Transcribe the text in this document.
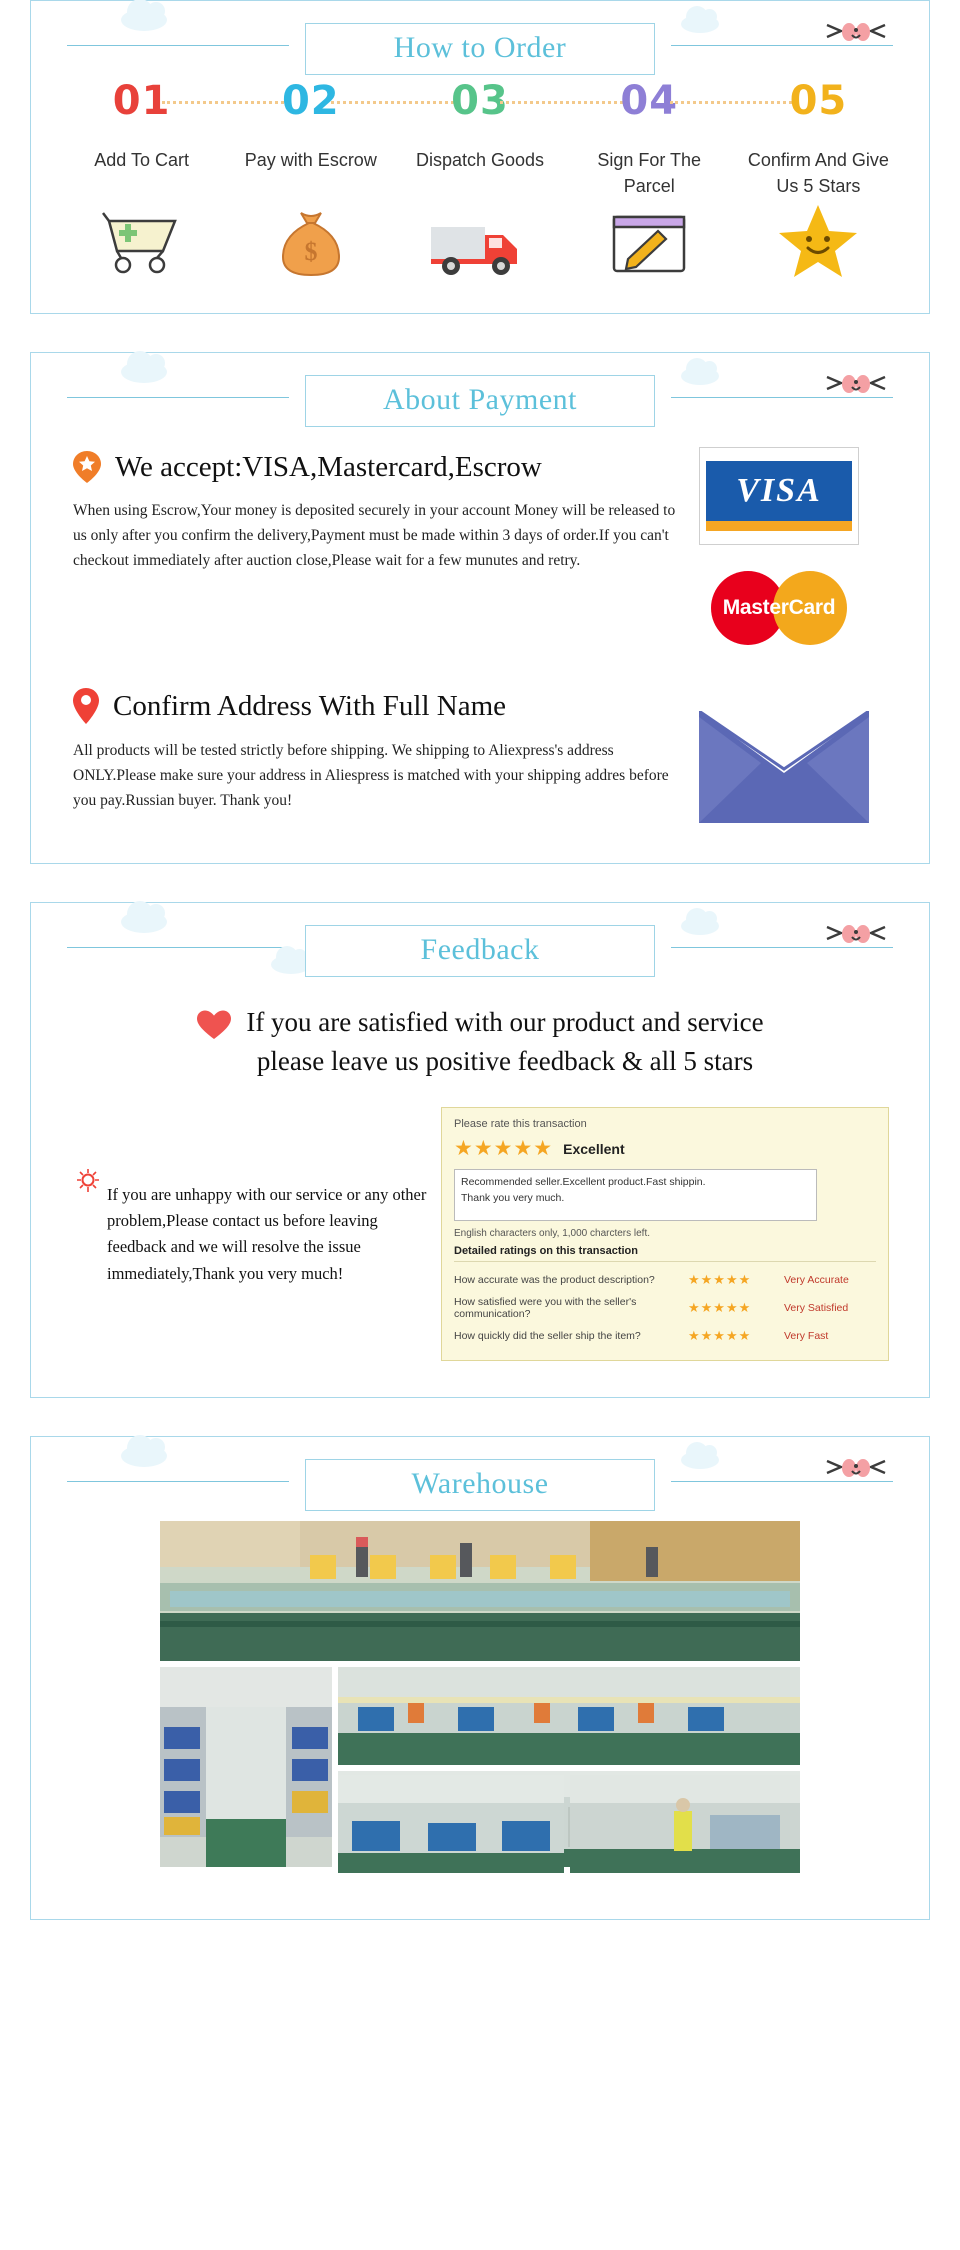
How to Order
01
Add To Cart
02
Pay with Escrow
$
03
Dispatch Goods
04
Sign For The Parcel
05
Confirm And Give Us 5 Stars
About Payment
We accept:VISA,Mastercard,Escrow

When using Escrow,Your money is deposited securely in your account Money will be released to us only after you confirm the delivery,Payment must be made within 3 days of order.If you can't checkout immediately after auction close,Please wait for a few munutes and retry.

VISA
MasterCard
Confirm Address With Full Name

All products will be tested strictly before shipping. We shipping to Aliexpress's address ONLY.Please make sure your address in Aliespress is matched with your shipping addres before you pay.Russian buyer. Thank you!

Feedback
If you are satisfied with our product and service
please leave us positive feedback & all 5 stars

If you are unhappy with our service or any other problem,Please contact us before leaving feedback and we will resolve the issue immediately,Thank you very much!

Please rate this transaction
★★★★★ Excellent
Recommended seller.Excellent product.Fast shippin.
Thank you very much.
English characters only, 1,000 charcters left.
Detailed ratings on this transaction
How accurate was the product description?	★★★★★	Very Accurate
How satisfied were you with the seller's communication?	★★★★★	Very Satisfied
How quickly did the seller ship the item?	★★★★★	Very Fast
Warehouse
